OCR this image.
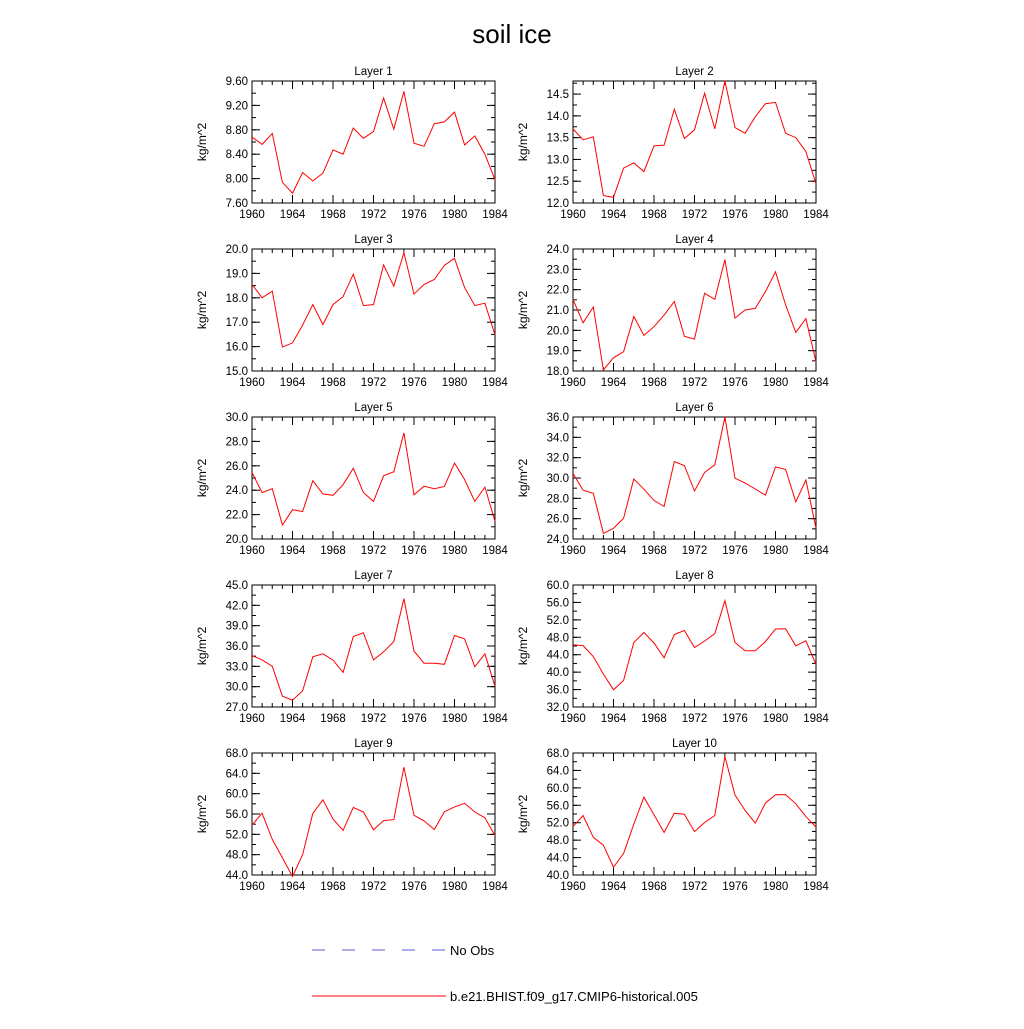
soil ice
Layer 1
kg/m^2
7.60
8.00
8.40
8.80
9.20
9.60
1960 1964 1968 1972 1976 1980 1984
Layer 2
kg/m^2
12.0
12.5
13.0
13.5
14.0
14.5
1960 1964 1968 1972 1976 1980 1984
Layer 3
kg/m^2
15.0
16.0
17.0
18.0
19.0
20.0
1960 1964 1968 1972 1976 1980 1984
Layer 4
kg/m^2
18.0
19.0
20.0
21.0
22.0
23.0
24.0
1960 1964 1968 1972 1976 1980 1984
Layer 5
kg/m^2
20.0
22.0
24.0
26.0
28.0
30.0
1960 1964 1968 1972 1976 1980 1984
Layer 6
kg/m^2
24.0
26.0
28.0
30.0
32.0
34.0
36.0
1960 1964 1968 1972 1976 1980 1984
Layer 7
kg/m^2
27.0
30.0
33.0
36.0
39.0
42.0
45.0
1960 1964 1968 1972 1976 1980 1984
Layer 8
kg/m^2
32.0
36.0
40.0
44.0
48.0
52.0
56.0
60.0
1960 1964 1968 1972 1976 1980 1984
Layer 9
kg/m^2
44.0
48.0
52.0
56.0
60.0
64.0
68.0
1960 1964 1968 1972 1976 1980 1984
Layer 10
kg/m^2
40.0
44.0
48.0
52.0
56.0
60.0
64.0
68.0
1960 1964 1968 1972 1976 1980 1984
No Obs
b.e21.BHIST.f09_g17.CMIP6-historical.005
